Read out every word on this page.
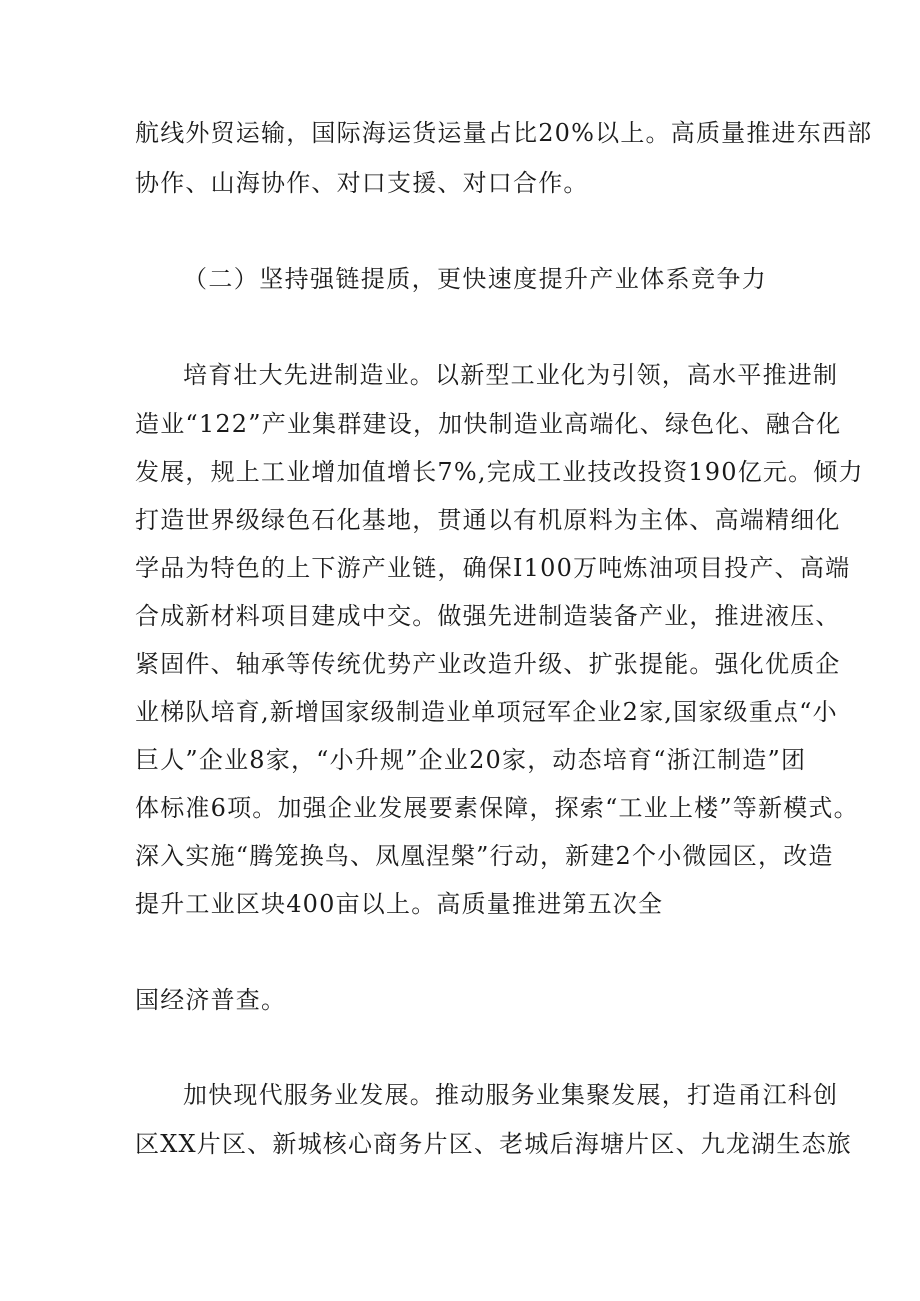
航线外贸运输，国际海运货运量占比20%以上。高质量推进东西部
协作、山海协作、对口支援、对口合作。
（二）坚持强链提质，更快速度提升产业体系竞争力
培育壮大先进制造业。以新型工业化为引领，高水平推进制
造业“122”产业集群建设，加快制造业高端化、绿色化、融合化
发展，规上工业增加值增长7%,完成工业技改投资190亿元。倾力
打造世界级绿色石化基地，贯通以有机原料为主体、高端精细化
学品为特色的上下游产业链，确保I100万吨炼油项目投产、高端
合成新材料项目建成中交。做强先进制造装备产业，推进液压、
紧固件、轴承等传统优势产业改造升级、扩张提能。强化优质企
业梯队培育,新增国家级制造业单项冠军企业2家,国家级重点“小
巨人”企业8家，“小升规”企业20家，动态培育“浙江制造”团
体标准6项。加强企业发展要素保障，探索“工业上楼”等新模式。
深入实施“腾笼换鸟、凤凰涅槃”行动，新建2个小微园区，改造
提升工业区块400亩以上。高质量推进第五次全
国经济普查。
加快现代服务业发展。推动服务业集聚发展，打造甬江科创
区XX片区、新城核心商务片区、老城后海塘片区、九龙湖生态旅
